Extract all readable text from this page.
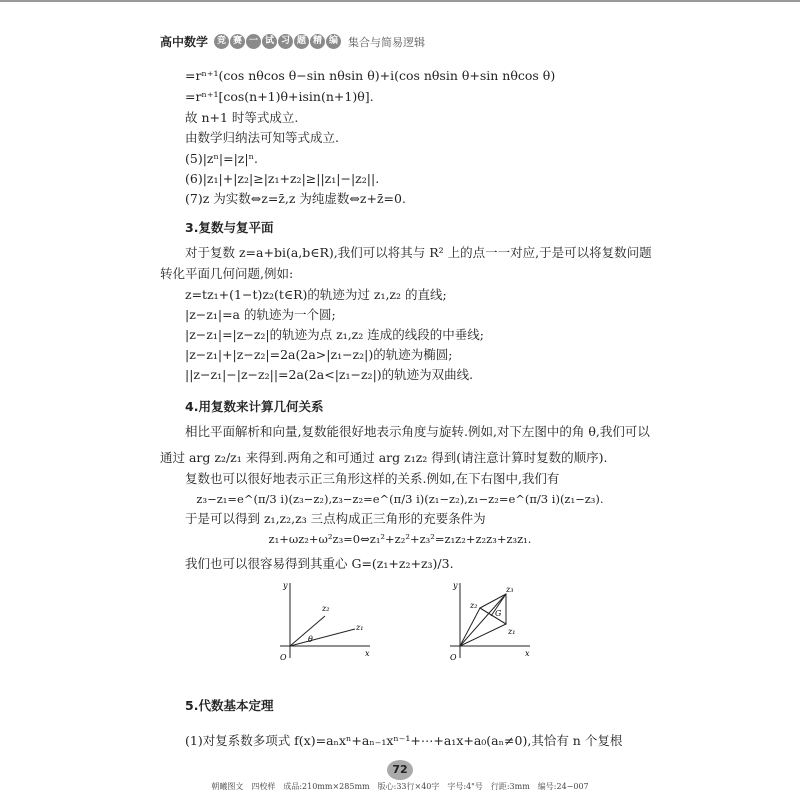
高中数学 竞 赛 一 试 习 题 精 编 集合与简易逻辑
=rⁿ⁺¹(cos nθcos θ−sin nθsin θ)+i(cos nθsin θ+sin nθcos θ)
=rⁿ⁺¹[cos(n+1)θ+isin(n+1)θ].
故 n+1 时等式成立.
由数学归纳法可知等式成立.
(5)|zⁿ|=|z|ⁿ.
(6)|z₁|+|z₂|≥|z₁+z₂|≥||z₁|−|z₂||.
(7)z 为实数⇔z=z̄,z 为纯虚数⇔z+z̄=0.
3.复数与复平面
对于复数 z=a+bi(a,b∈R),我们可以将其与 R² 上的点一一对应,于是可以将复数问题
转化平面几何问题,例如:
z=tz₁+(1−t)z₂(t∈R)的轨迹为过 z₁,z₂ 的直线;
|z−z₁|=a 的轨迹为一个圆;
|z−z₁|=|z−z₂|的轨迹为点 z₁,z₂ 连成的线段的中垂线;
|z−z₁|+|z−z₂|=2a(2a>|z₁−z₂|)的轨迹为椭圆;
||z−z₁|−|z−z₂||=2a(2a<|z₁−z₂|)的轨迹为双曲线.
4.用复数来计算几何关系
相比平面解析和向量,复数能很好地表示角度与旋转.例如,对下左图中的角 θ,我们可以
通过 arg z₂/z₁ 来得到.两角之和可通过 arg z₁z₂ 得到(请注意计算时复数的顺序).
复数也可以很好地表示正三角形这样的关系.例如,在下右图中,我们有
z₃−z₁=e^(π/3 i)(z₃−z₂),z₃−z₂=e^(π/3 i)(z₁−z₂),z₁−z₂=e^(π/3 i)(z₁−z₃).
于是可以得到 z₁,z₂,z₃ 三点构成正三角形的充要条件为
z₁+ωz₂+ω²z₃=0⇔z₁²+z₂²+z₃²=z₁z₂+z₂z₃+z₃z₁.
我们也可以很容易得到其重心 G=(z₁+z₂+z₃)/3.
y
x
O
z₁
z₂
θ
y
x
O
z₁
z₂
z₃
G
5.代数基本定理
(1)对复系数多项式 f(x)=aₙxⁿ+aₙ₋₁xⁿ⁻¹+⋯+a₁x+a₀(aₙ≠0),其恰有 n 个复根
72
朝曦图文　四校样　成品:210mm×285mm　版心:33行×40字　字号:4"号　行距:3mm　编号:24−007
